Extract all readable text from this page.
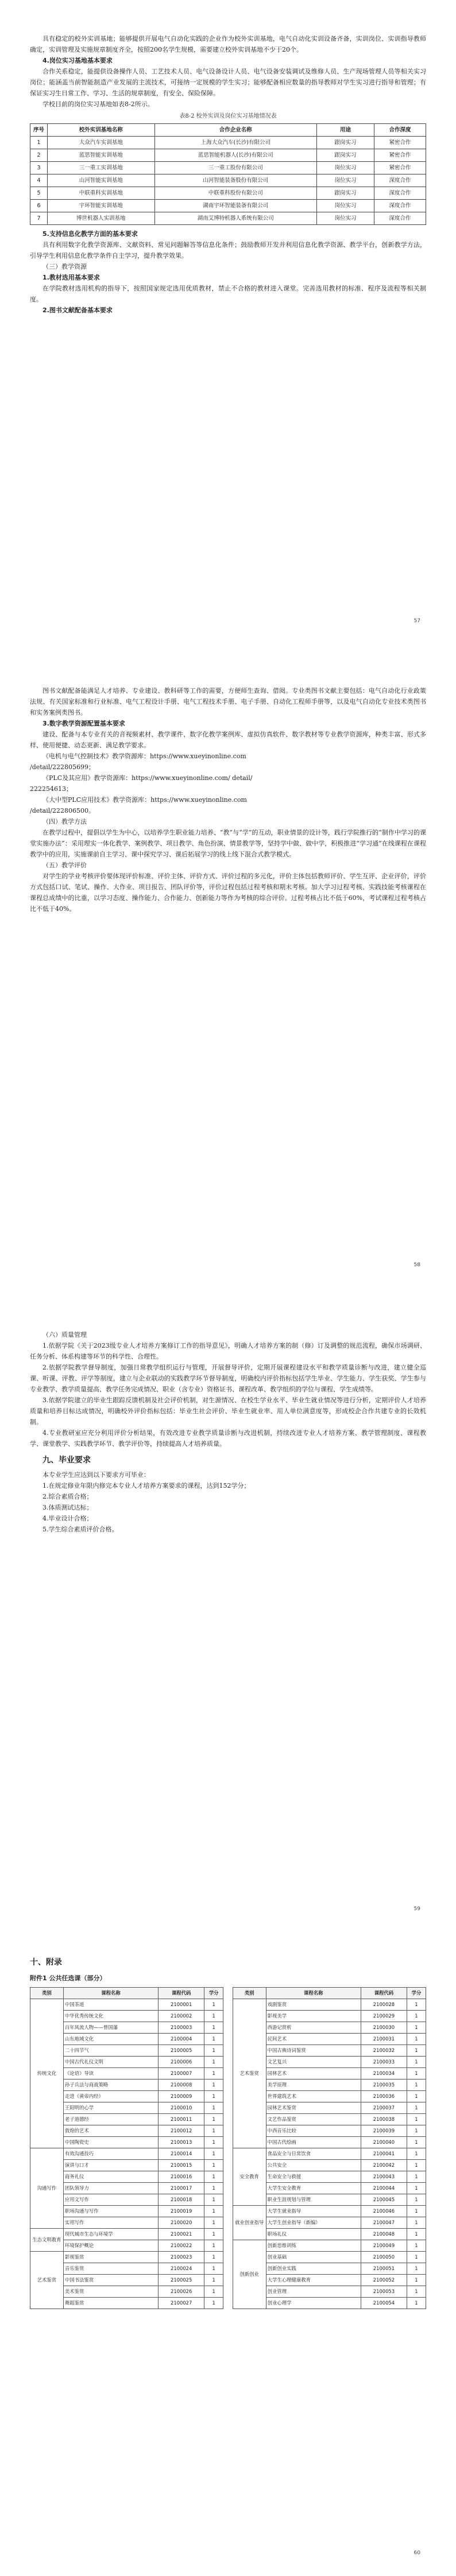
具有稳定的校外实训基地；能够提供开展电气自动化实践的企业作为校外实训基地，电气自动化实训设备齐备，实训岗位、实训指导教师确定，实训管理及实施规章制度齐全，按照200名学生规模，需要建立校外实训基地不少于20个。

4.岗位实习基地基本要求

合作关系稳定，能提供设备操作人员、工艺技术人员、电气设备设计人员、电气设备安装调试及维修人员、生产现场管理人员等相关实习岗位；能涵盖当前智能制造产业发展的主流技术，可接纳一定规模的学生实习；能够配备相应数量的指导教师对学生实习进行指导和管理；有保证实习生日常工作、学习、生活的规章制度，有安全、保险保障。

学校目前的岗位实习基地如表8-2所示。

表8-2 校外实训及岗位实习基地情况表

序号	校外实训基地名称	合作企业名称	用途	合作深度
1	大众汽车实训基地	上海大众汽车(长沙)有限公司	跟岗实习	紧密合作
2	蓝思智能实训基地	蓝思智能机器人(长沙)有限公司	跟岗实习	紧密合作
3	三一重工实训基地	三一重工股份有限公司	岗位实习	紧密合作
4	山河智能实训基地	山河智能装备股份有限公司	岗位实习	深度合作
5	中联重科实训基地	中联重科股份有限公司	跟岗实习	深度合作
6	宇环智能实训基地	湖南宇环智能装备有限公司	岗位实习	深度合作
7	博世机器人实训基地	湖南艾博特机器人系统有限公司	岗位实习	深度合作

5.支持信息化教学方面的基本要求

具有利用数字化教学资源库、文献资料、常见问题解答等信息化条件；鼓励教师开发并利用信息化教学资源、教学平台，创新教学方法，引导学生利用信息化教学条件自主学习，提升教学效果。

（三）教学资源

1.教材选用基本要求

在学院教材选用机构的指导下，按照国家规定选用优质教材，禁止不合格的教材进入课堂。完善选用教材的标准、程序及流程等相关制度。

2.图书文献配备基本要求

57

图书文献配备能满足人才培养、专业建设、教科研等工作的需要，方便师生查询、借阅。专业类图书文献主要包括：电气自动化行业政策法规、有关国家标准和行业标准、电气工程设计手册、电气工程技术手册、电子手册、自动化工程师手册等，以及电气自动化专业技术类图书和实务案例类图书。

3.数字教学资源配置基本要求

建设、配备与本专业有关的音视频素材、教学课件、数字化教学案例库、虚拟仿真软件、数字教材等专业教学资源库，种类丰富、形式多样、使用便捷、动态更新、满足教学要求。

《电机与电气控制技术》教学资源库：https://www.xueyinonline.com

/detail/222805699；

《PLC及其应用》教学资源库：https://www.xueyinonline.com/ detail/

222254613；

《大中型PLC应用技术》教学资源库：https://www.xueyinonline.com

/detail/222806500。

（四）教学方法

在教学过程中，提倡以学生为中心，以培养学生职业能力培养、“教”与“学”的互动，职业情景的设计等，践行学院推行的“制作中学习的课堂实施办法”：采用理实一体化教学、案例教学、项目教学、角色扮演、情景教学等，坚持学中做、做中学，积极推进“学习通”在线课程在课程教学中的应用，实施课前自主学习、课中探究学习、课后拓展学习的线上线下混合式教学模式。

（五）教学评价

对学生的学业考核评价要体现评价标准、评价主体、评价方式、评价过程的多元化，评价主体包括教师评价、学生互评、企业评价，评价方式包括口试、笔试、操作、大作业、项目报告、团队评价等，评价过程包括过程考核和期末考核。加大学习过程考核、实践技能考核课程在课程总成绩中的比重，以学习态度、操作能力、合作能力、创新能力等作为考核的综合评价。过程考核占比不低于60%，考试课程过程考核占比不低于40%。

58

（六）质量管理

1.依据学院《关于2023级专业人才培养方案修订工作的指导意见》，明确人才培养方案的制（修）订及调整的规范流程，确保市场调研、任务分析、体系构建等环节的科学性、合理性。

2.依据学院教学督导制度，加强日常教学组织运行与管理，开展督导评价，定期开展课程建设水平和教学质量诊断与改进，建立健全巡课、听课、评教、评学等制度，建立与企业联动的实践教学环节督导制度，明确校内评价指标包括学生毕业、学生能力、学生获奖、学生参与专业教学、教学质量提高、教学任务完成情况、职业（含专业）资格证书、课程改革、教学组织的学位与课程、学生成绩等。

3.依据学院建立的毕业生跟踪反馈机制及社会评价机制，对生源情况、在校生学业水平、毕业生就业情况等进行分析，定期评价人才培养质量和培养目标达成情况，明确校外评价指标包括：毕业生社会评价、毕业生就业率、用人单位满意度等，形成校企合作共建专业的长效机制。

4.专业教研室应充分利用评价分析结果，有效改进专业教学质量诊断与改进机制，持续改进专业人才培养方案、教学管理制度、课程教学、课堂教学、实践教学环节、教学评价等，持续提高人才培养质量。

九、毕业要求

本专业学生应达到以下要求方可毕业：

1.在规定修业年限内修完本专业人才培养方案要求的课程，达到152学分；

2.综合素质合格；

3.体质测试达标；

4.毕业设计合格；

5.学生综合素质评价合格。

59

十、附录

附件1 公共任选课（部分）

类别	课程名称	课程代码	学分	类别	课程名称	课程代码	学分
传统文化	中国茶道	2100001	1		艺术鉴赏	戏剧鉴赏	2100028	1
	中华优秀传统文化	2100002	1			影视美学	2100029	1
	百年风流人物——曾国藩	2100003	1			西游记赏析	2100030	1
	山东地域文化	2100004	1			民间艺术	2100031	1
	二十四节气	2100005	1			中国古典诗词鉴赏	2100032	1
	中国古代礼仪文明	2100006	1			文艺复兴	2100033	1
	《论语》导读	2100007	1			园林艺术	2100034	1
	孙子兵法与商战策略	2100008	1			美学原理	2100035	1
	走进《黄帝内经》	2100009	1			世界建筑艺术	2100036	1
	王阳明的心学	2100010	1			园林艺术鉴赏	2100037	1
	老子道德经	2100011	1			文艺作品鉴赏	2100038	1
	敦煌的艺术	2100012	1			中西音乐比较	2100039	1
	中国陶瓷史	2100013	1			中国古代绘画	2100040	1
沟通写作	有效沟通技巧	2100014	1		安全教育	食品安全与日常饮食	2100041	1
	演讲与口才	2100015	1			公共安全	2100042	1
	商务礼仪	2100016	1			生命安全与救援	2100043	1
	团队领导力	2100017	1			大学生安全教育	2100044	1
	应用文写作	2100018	1			职业生涯规划与管理	2100045	1
	职场沟通与写作	2100019	1		就业创业指导	大学生就业指导	2100046	1
	实用写作	2100020	1			大学生创业指导（新编）	2100047	1
生态文明教育	现代城市生态与环境学	2100021	1			职场礼仪	2100048	1
	环境保护概论	2100022	1		创新创业	创新思维训练	2100049	1
艺术鉴赏	影视鉴赏	2100023	1			创业基础	2100050	1
	音乐鉴赏	2100024	1			创新创业实践	2100051	1
	中国书法鉴赏	2100025	1			大学生心理健康教育	2100052	1
	美术鉴赏	2100026	1			创业管理	2100053	1
	舞蹈鉴赏	2100027	1			创业心理学	2100054	1
60
